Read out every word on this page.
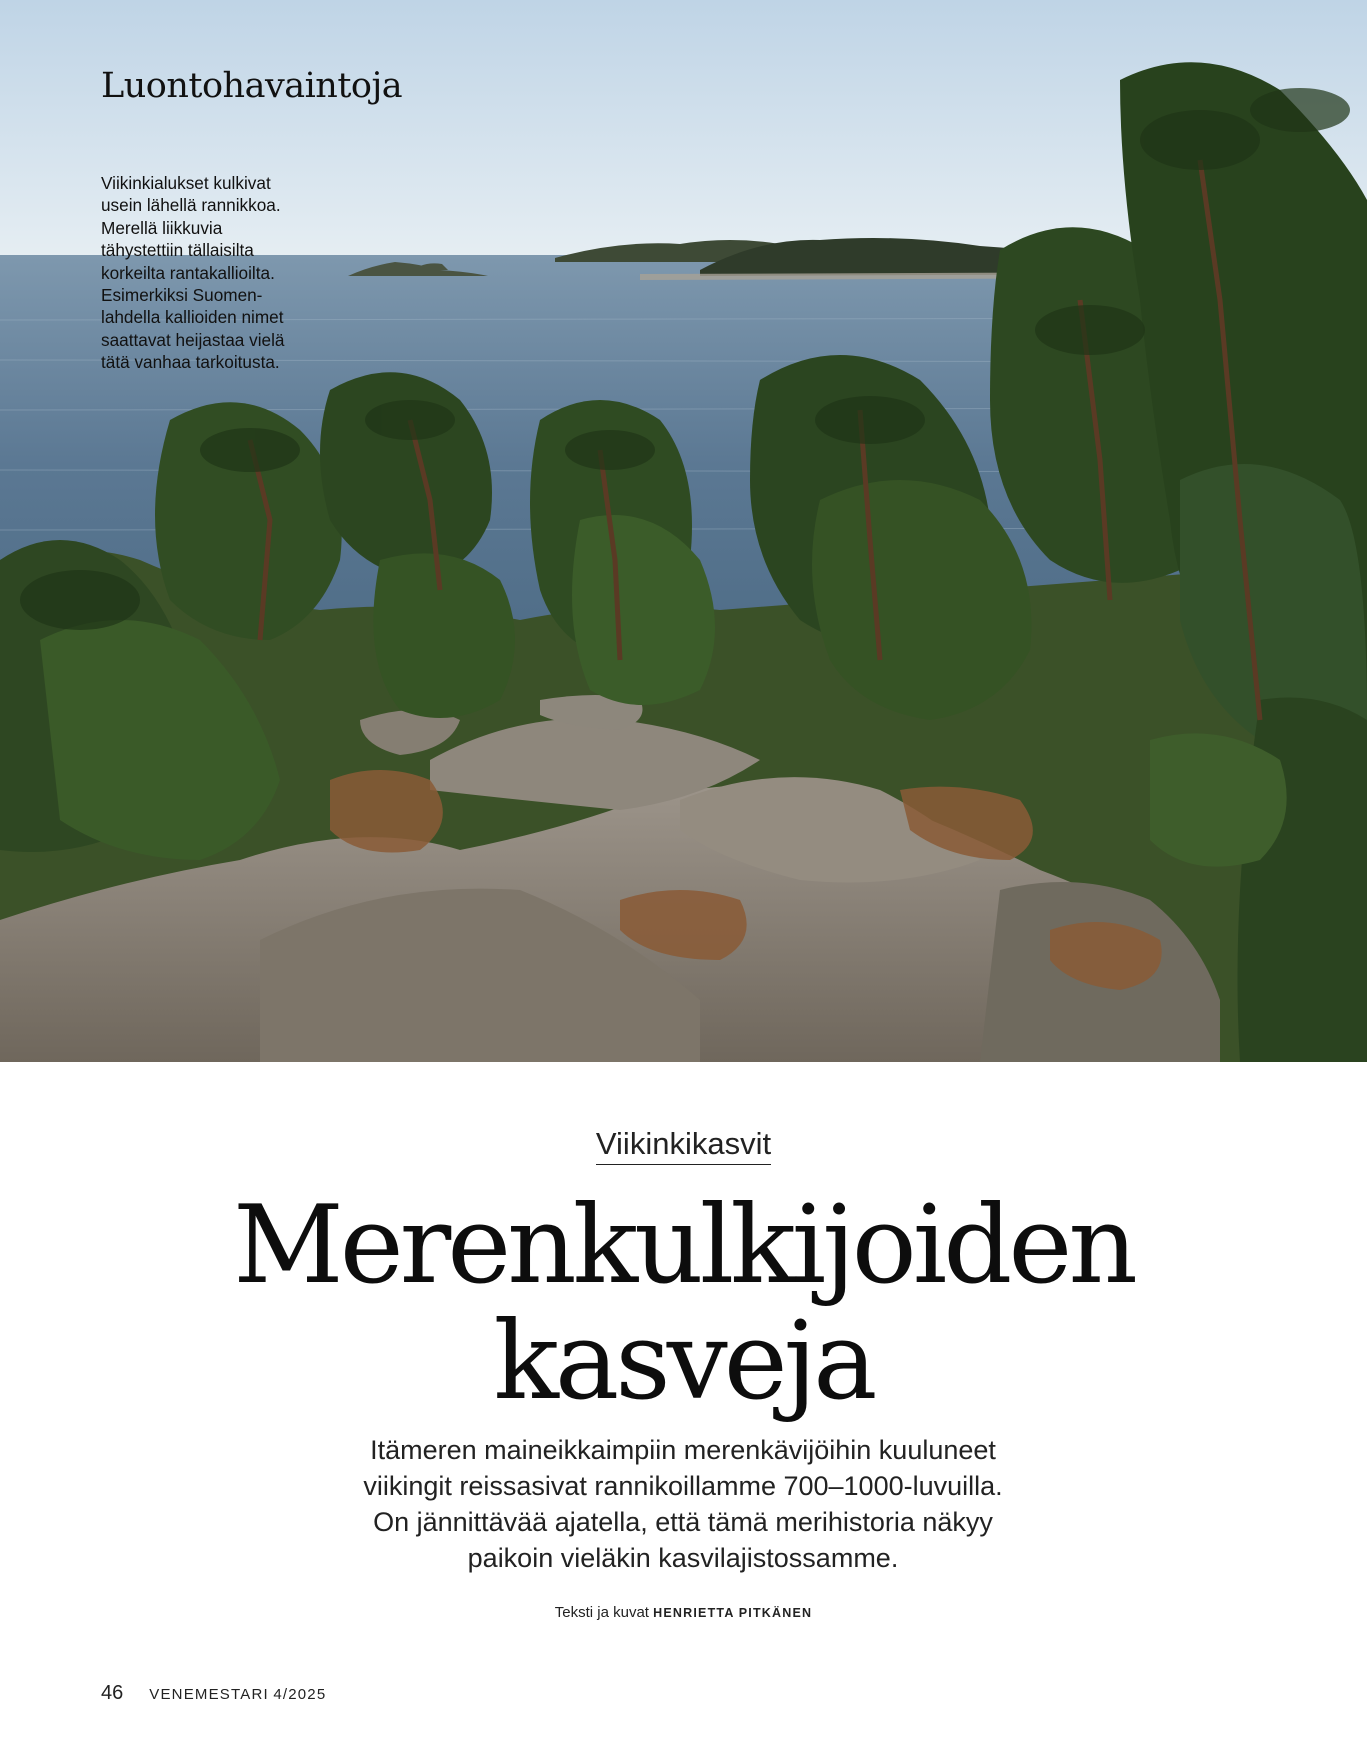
Luontohavaintoja

Viikinkialukset kulkivat
usein lähellä rannikkoa.
Merellä liikkuvia
tähystettiin tällaisilta
korkeilta rantakallioilta.
Esimerkiksi Suomen-
lahdella kallioiden nimet
saattavat heijastaa vielä
tätä vanhaa tarkoitusta.

Viikinkikasvit
Merenkulkijoiden
kasveja

Itämeren maineikkaimpiin merenkävijöihin kuuluneet
viikingit reissasivat rannikoillamme 700–1000-luvuilla.
On jännittävää ajatella, että tämä merihistoria näkyy
paikoin vieläkin kasvilajistossamme.

Teksti ja kuvat HENRIETTA PITKÄNEN
46 VENEMESTARI 4/2025
